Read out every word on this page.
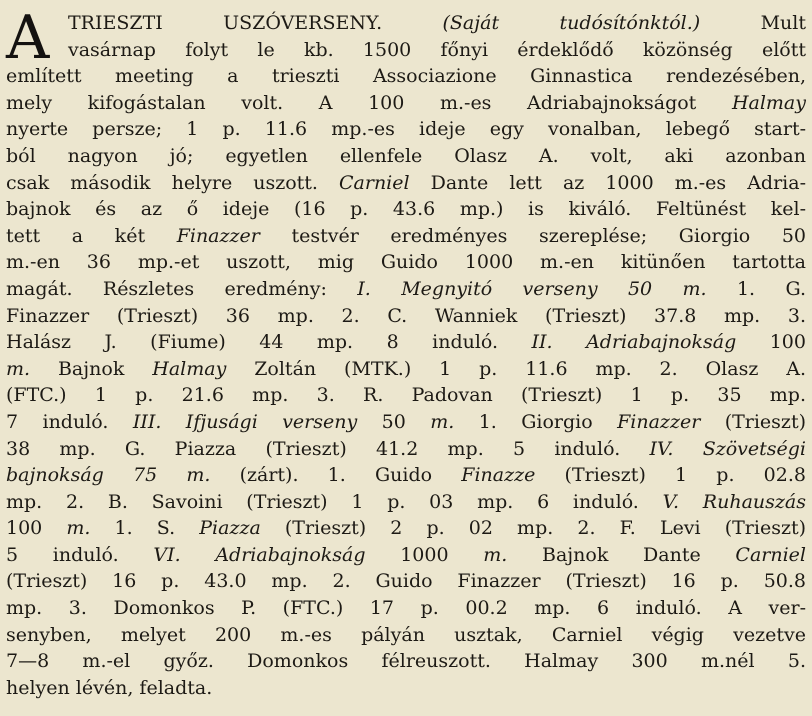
A TRIESZTI USZÓVERSENY. (Saját tudósítónktól.) Mult
vasárnap folyt le kb. 1500 főnyi érdeklődő közönség előtt
említett meeting a trieszti Associazione Ginnastica rendezésében,
mely kifogástalan volt. A 100 m.-es Adriabajnokságot Halmay
nyerte persze; 1 p. 11.6 mp.-es ideje egy vonalban, lebegő start-
ból nagyon jó; egyetlen ellenfele Olasz A. volt, aki azonban
csak második helyre uszott. Carniel Dante lett az 1000 m.-es Adria-
bajnok és az ő ideje (16 p. 43.6 mp.) is kiváló. Feltünést kel-
tett a két Finazzer testvér eredményes szereplése; Giorgio 50
m.-en 36 mp.-et uszott, mig Guido 1000 m.-en kitünően tartotta
magát. Részletes eredmény: I. Megnyitó verseny 50 m. 1. G.
Finazzer (Trieszt) 36 mp. 2. C. Wanniek (Trieszt) 37.8 mp. 3.
Halász J. (Fiume) 44 mp. 8 induló. II. Adriabajnokság 100
m. Bajnok Halmay Zoltán (MTK.) 1 p. 11.6 mp. 2. Olasz A.
(FTC.) 1 p. 21.6 mp. 3. R. Padovan (Trieszt) 1 p. 35 mp.
7 induló. III. Ifjusági verseny 50 m. 1. Giorgio Finazzer (Trieszt)
38 mp. G. Piazza (Trieszt) 41.2 mp. 5 induló. IV. Szövetségi
bajnokság 75 m. (zárt). 1. Guido Finazze (Trieszt) 1 p. 02.8
mp. 2. B. Savoini (Trieszt) 1 p. 03 mp. 6 induló. V. Ruhauszás
100 m. 1. S. Piazza (Trieszt) 2 p. 02 mp. 2. F. Levi (Trieszt)
5 induló. VI. Adriabajnokság 1000 m. Bajnok Dante Carniel
(Trieszt) 16 p. 43.0 mp. 2. Guido Finazzer (Trieszt) 16 p. 50.8
mp. 3. Domonkos P. (FTC.) 17 p. 00.2 mp. 6 induló. A ver-
senyben, melyet 200 m.-es pályán usztak, Carniel végig vezetve
7—8 m.-el győz. Domonkos félreuszott. Halmay 300 m.nél 5.
helyen lévén, feladta.
